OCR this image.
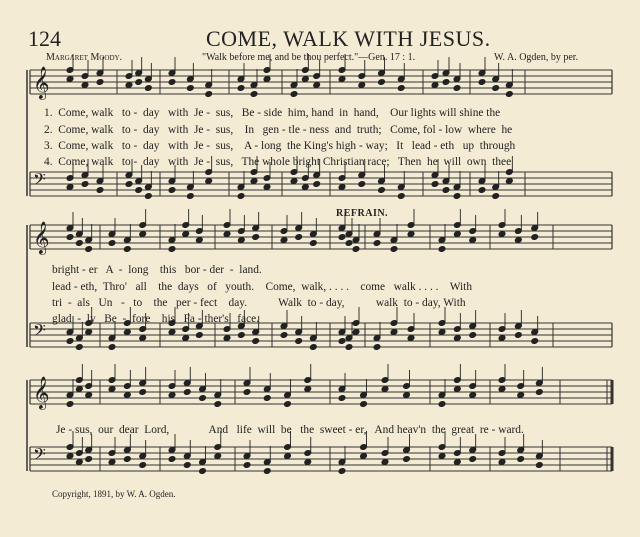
124	COME, WALK WITH JESUS.
Margaret Moody.	"Walk before me, and be thou perfect."—Gen. 17 : 1.	W. A. Ogden, by per.
𝄞
𝄢
𝄞
𝄢
𝄞
𝄢
REFRAIN.
1.  Come, walk   to -  day   with  Je -  sus,   Be - side  him, hand  in  hand,    Our lights will shine the
2.  Come, walk   to -  day   with  Je -  sus,    In   gen - tle - ness  and  truth;   Come, fol - low  where  he
3.  Come, walk   to -  day   with  Je -  sus,    A - long  the King's high - way;   It   lead - eth   up  through
4.  Come, walk   to -  day   with  Je -  sus,   The whole bright Christian race;   Then  he  will  own  thee
bright - er   A  -  long    this   bor - der  -  land.
lead - eth,  Thro'   all    the  days   of   youth.    Come,  walk, . . . .    come   walk . . . .    With
tri  -  als   Un   -   to    the   per - fect    day.           Walk  to - day,           walk  to - day, With
glad  -  ly   Be  -  fore    his   Fa - ther's   face.
Je - sus,  our  dear  Lord,              And   life  will  be   the  sweet - er,   And heav'n  the  great  re - ward.
Copyright, 1891, by W. A. Ogden.
